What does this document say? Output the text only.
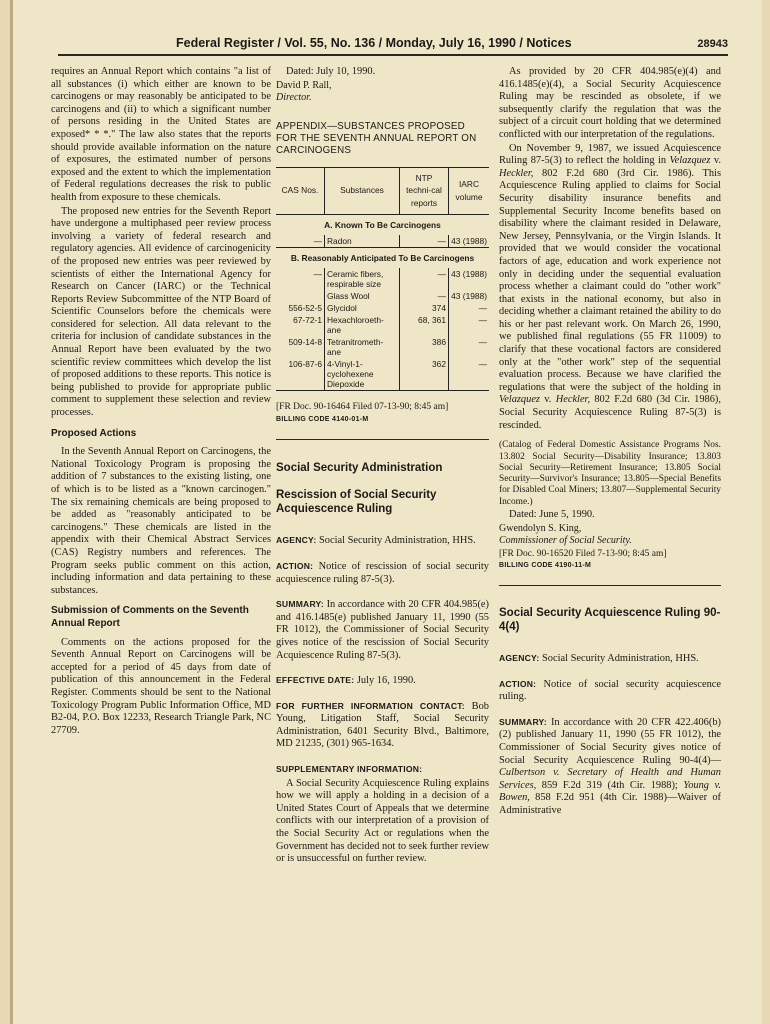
Federal Register / Vol. 55, No. 136 / Monday, July 16, 1990 / Notices	28943

requires an Annual Report which contains "a list of all substances (i) which either are known to be carcinogens or may reasonably be anticipated to be carcinogens and (ii) to which a significant number of persons residing in the United States are exposed* * *." The law also states that the reports should provide available information on the nature of exposures, the estimated number of persons exposed and the extent to which the implementation of Federal regulations decreases the risk to public health from exposure to these chemicals.

The proposed new entries for the Seventh Report have undergone a multiphased peer review process involving a variety of federal research and regulatory agencies. All evidence of carcinogenicity of the proposed new entries was peer reviewed by scientists of either the International Agency for Research on Cancer (IARC) or the Technical Reports Review Subcommittee of the NTP Board of Scientific Counselors before the chemicals were considered for selection. All data relevant to the criteria for inclusion of candidate substances in the Annual Report have been evaluated by the two scientific review committees which develop the list of proposed additions to these reports. This notice is being published to provide for appropriate public comment to supplement these selection and review processes.

Proposed Actions

In the Seventh Annual Report on Carcinogens, the National Toxicology Program is proposing the addition of 7 substances to the existing listing, one of which is to be listed as a "known carcinogen." The six remaining chemicals are being proposed to be added as "reasonably anticipated to be carcinogens." These chemicals are listed in the appendix with their Chemical Abstract Services (CAS) Registry numbers and references. The Program seeks public comment on this action, including information and data pertaining to these substances.

Submission of Comments on the Seventh Annual Report

Comments on the actions proposed for the Seventh Annual Report on Carcinogens will be accepted for a period of 45 days from date of publication of this announcement in the Federal Register. Comments should be sent to the National Toxicology Program Public Information Office, MD B2-04, P.O. Box 12233, Research Triangle Park, NC 27709.

Dated: July 10, 1990.

David P. Rall,

Director.

APPENDIX—SUBSTANCES PROPOSED FOR THE SEVENTH ANNUAL REPORT ON CARCINOGENS
CAS Nos.	Substances	NTP techni-cal reports	IARC volume
A. Known To Be Carcinogens			
—	Radon	—	43 (1988)
B. Reasonably Anticipated To Be Carcinogens			
—	Ceramic fibers, respirable size	—	43 (1988)
	Glass Wool	—	43 (1988)
556-52-5	Glycidol	374	—
67-72-1	Hexachloroeth-ane	68, 361	—
509-14-8	Tetranitrometh-ane	386	—
106-87-6	4-Vinyl-1-cyclohexene Diepoxide	362	—

[FR Doc. 90-16464 Filed 07-13-90; 8:45 am]

BILLING CODE 4140-01-M
Social Security Administration
Rescission of Social Security Acquiescence Ruling

AGENCY: Social Security Administration, HHS.

ACTION: Notice of rescission of social security acquiescence ruling 87-5(3).

SUMMARY: In accordance with 20 CFR 404.985(e) and 416.1485(e) published January 11, 1990 (55 FR 1012), the Commissioner of Social Security gives notice of the rescission of Social Security Acquiescence Ruling 87-5(3).

EFFECTIVE DATE: July 16, 1990.

FOR FURTHER INFORMATION CONTACT: Bob Young, Litigation Staff, Social Security Administration, 6401 Security Blvd., Baltimore, MD 21235, (301) 965-1634.

SUPPLEMENTARY INFORMATION:

A Social Security Acquiescence Ruling explains how we will apply a holding in a decision of a United States Court of Appeals that we determine conflicts with our interpretation of a provision of the Social Security Act or regulations when the Government has decided not to seek further review or is unsuccessful on further review.

As provided by 20 CFR 404.985(e)(4) and 416.1485(e)(4), a Social Security Acquiescence Ruling may be rescinded as obsolete, if we subsequently clarify the regulation that was the subject of a circuit court holding that we determined conflicted with our interpretation of the regulations.

On November 9, 1987, we issued Acquiescence Ruling 87-5(3) to reflect the holding in Velazquez v. Heckler, 802 F.2d 680 (3rd Cir. 1986). This Acquiescence Ruling applied to claims for Social Security disability insurance benefits and Supplemental Security Income benefits based on disability where the claimant resided in Delaware, New Jersey, Pennsylvania, or the Virgin Islands. It provided that we would consider the vocational factors of age, education and work experience not only in deciding under the sequential evaluation process whether a claimant could do "other work" that exists in the national economy, but also in deciding whether a claimant retained the ability to do his or her past relevant work. On March 26, 1990, we published final regulations (55 FR 11009) to clarify that these vocational factors are considered only at the "other work" step of the sequential evaluation process. Because we have clarified the regulations that were the subject of the holding in Velazquez v. Heckler, 802 F.2d 680 (3d Cir. 1986), Social Security Acquiescence Ruling 87-5(3) is rescinded.

(Catalog of Federal Domestic Assistance Programs Nos. 13.802 Social Security—Disability Insurance; 13.803 Social Security—Retirement Insurance; 13.805 Social Security—Survivor's Insurance; 13.805—Special Benefits for Disabled Coal Miners; 13.807—Supplemental Security Income.)

Dated: June 5, 1990.

Gwendolyn S. King,

Commissioner of Social Security.

[FR Doc. 90-16520 Filed 7-13-90; 8:45 am]

BILLING CODE 4190-11-M
Social Security Acquiescence Ruling 90-4(4)

AGENCY: Social Security Administration, HHS.

ACTION: Notice of social security acquiescence ruling.

SUMMARY: In accordance with 20 CFR 422.406(b)(2) published January 11, 1990 (55 FR 1012), the Commissioner of Social Security gives notice of Social Security Acquiescence Ruling 90-4(4)—Culbertson v. Secretary of Health and Human Services, 859 F.2d 319 (4th Cir. 1988); Young v. Bowen, 858 F.2d 951 (4th Cir. 1988)—Waiver of Administrative
